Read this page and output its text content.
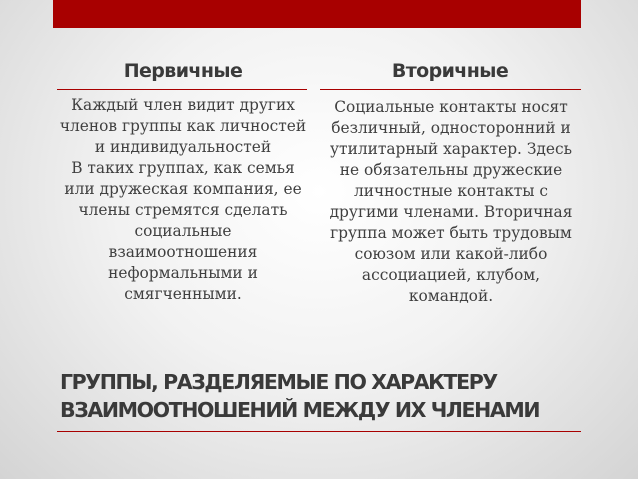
Первичные

Каждый член видит других членов группы как личностей и индивидуальностей

В таких группах, как семья или дружеская компания, ее члены стремятся сделать социальные взаимоотношения неформальными и смягченными.

Вторичные

Социальные контакты носят безличный, односторонний и утилитарный характер. Здесь не обязательны дружеские личностные контакты с другими членами. Вторичная группа может быть трудовым союзом или какой-либо ассоциацией, клубом, командой.

ГРУППЫ, РАЗДЕЛЯЕМЫЕ ПО ХАРАКТЕРУ
ВЗАИМООТНОШЕНИЙ МЕЖДУ ИХ ЧЛЕНАМИ
